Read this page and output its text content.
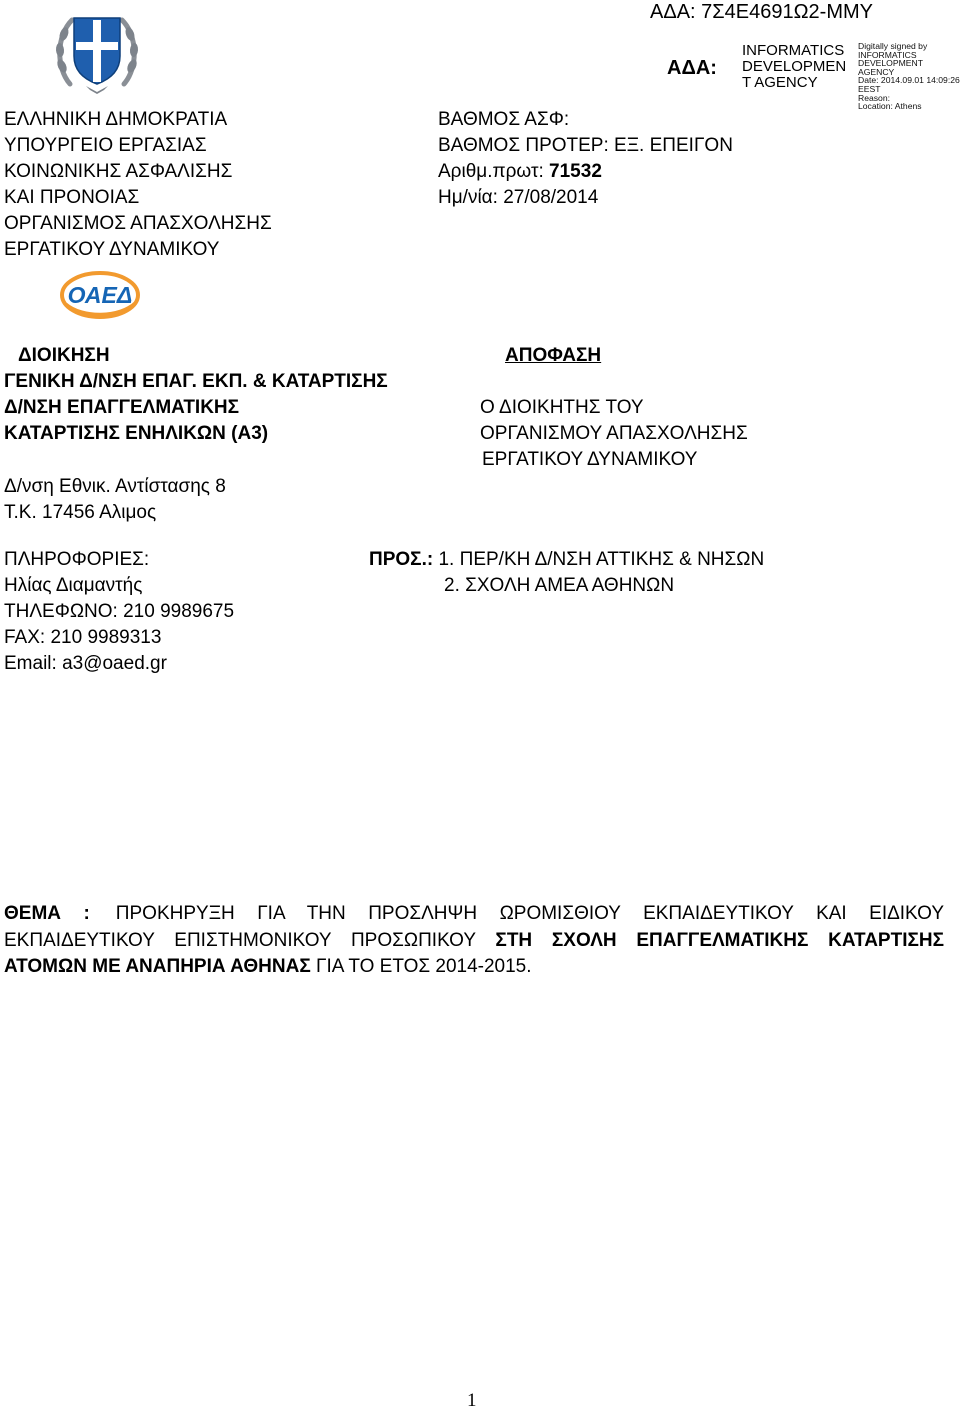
ΑΔΑ: 7Σ4Ε4691Ω2-ΜΜΥ
ΑΔΑ:
INFORMATICS
DEVELOPMEN
T AGENCY
Digitally signed by
INFORMATICS
DEVELOPMENT AGENCY
Date: 2014.09.01 14:09:26
EEST
Reason:
Location: Athens
ΕΛΛΗΝΙΚΗ ΔΗΜΟΚΡΑΤΙΑ
ΥΠΟΥΡΓΕΙΟ ΕΡΓΑΣΙΑΣ
ΚΟΙΝΩΝΙΚΗΣ ΑΣΦΑΛΙΣΗΣ
ΚΑΙ ΠΡΟΝΟΙΑΣ
ΟΡΓΑΝΙΣΜΟΣ ΑΠΑΣΧΟΛΗΣΗΣ
ΕΡΓΑΤΙΚΟΥ ΔΥΝΑΜΙΚΟΥ
ΒΑΘΜΟΣ ΑΣΦ:
ΒΑΘΜΟΣ ΠΡΟΤΕΡ: ΕΞ. ΕΠΕΙΓΟΝ
Αριθμ.πρωτ: 71532
Ημ/νία: 27/08/2014
ΟΑΕΔ
ΔΙΟΙΚΗΣΗ
ΓΕΝΙΚΗ Δ/ΝΣΗ ΕΠΑΓ. ΕΚΠ. & ΚΑΤΑΡΤΙΣΗΣ
Δ/ΝΣΗ ΕΠΑΓΓΕΛΜΑΤΙΚΗΣ
ΚΑΤΑΡΤΙΣΗΣ ΕΝΗΛΙΚΩΝ (Α3)
Δ/νση Εθνικ. Αντίστασης 8
Τ.Κ. 17456 Αλιμος
ΑΠΟΦΑΣΗ
Ο ΔΙΟΙΚΗΤΗΣ ΤΟΥ
ΟΡΓΑΝΙΣΜΟΥ ΑΠΑΣΧΟΛΗΣΗΣ
ΕΡΓΑΤΙΚΟΥ ΔΥΝΑΜΙΚΟΥ
ΠΛΗΡΟΦΟΡΙΕΣ:
Ηλίας Διαμαντής
ΤΗΛΕΦΩΝΟ: 210 9989675
FAX: 210 9989313
Email: a3@oaed.gr
ΠΡΟΣ.: 1. ΠΕΡ/ΚΗ Δ/ΝΣΗ ΑΤΤΙΚΗΣ & ΝΗΣΩΝ
2. ΣΧΟΛΗ ΑΜΕΑ ΑΘΗΝΩΝ
ΘΕΜΑ : ΠΡΟΚΗΡΥΞΗ ΓΙΑ ΤΗΝ ΠΡΟΣΛΗΨΗ ΩΡΟΜΙΣΘΙΟΥ ΕΚΠΑΙΔΕΥΤΙΚΟΥ ΚΑΙ ΕΙΔΙΚΟΥ
ΕΚΠΑΙΔΕΥΤΙΚΟΥ ΕΠΙΣΤΗΜΟΝΙΚΟΥ ΠΡΟΣΩΠΙΚΟΥ ΣΤΗ ΣΧΟΛΗ ΕΠΑΓΓΕΛΜΑΤΙΚΗΣ ΚΑΤΑΡΤΙΣΗΣ
ΑΤΟΜΩΝ ΜΕ ΑΝΑΠΗΡΙΑ ΑΘΗΝΑΣ ΓΙΑ ΤΟ ΕΤΟΣ 2014-2015.
1
